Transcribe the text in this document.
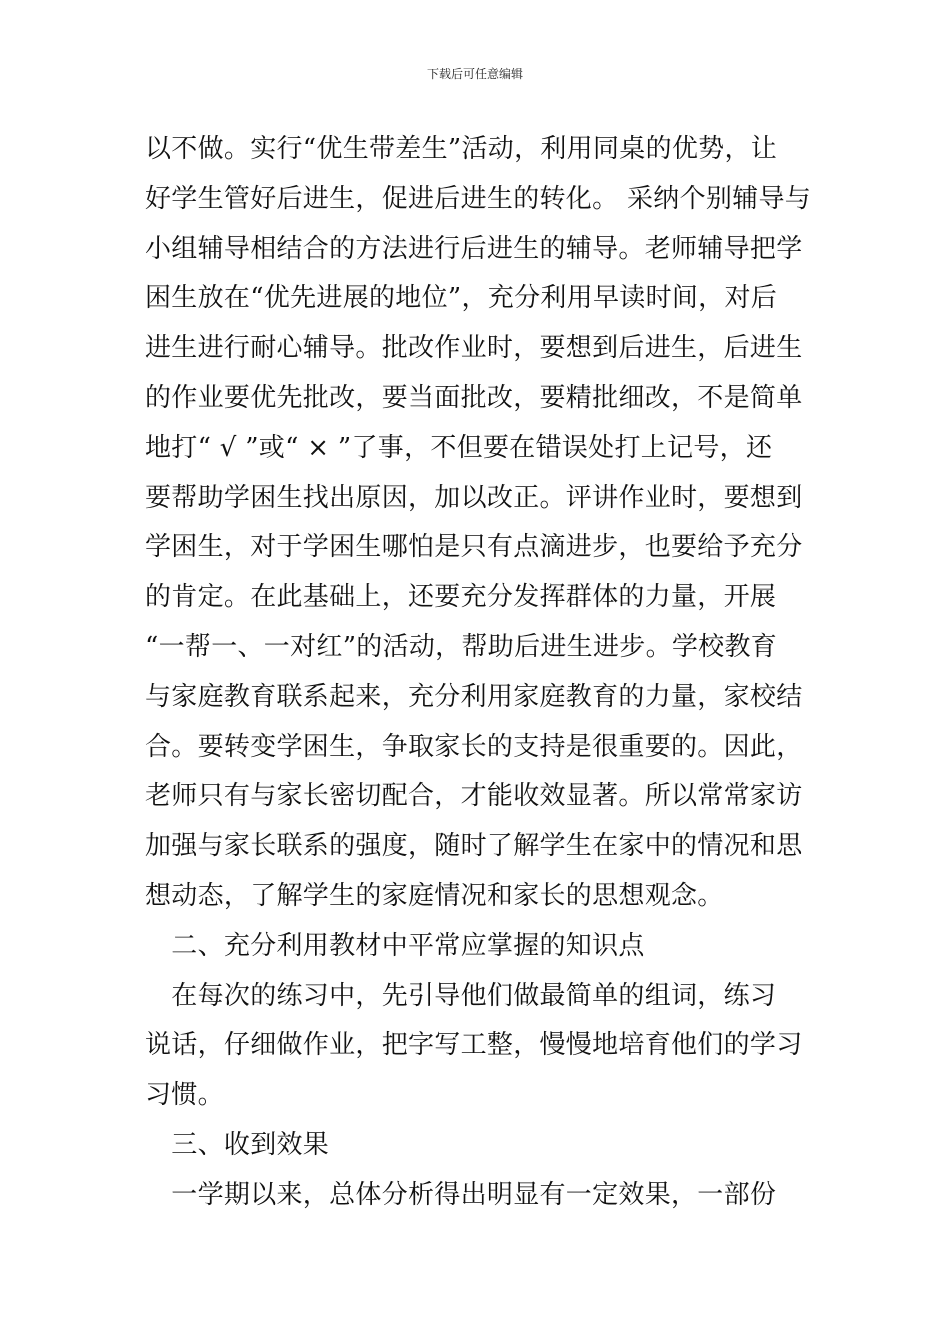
下载后可任意编辑
以不做。实行“优生带差生”活动，利用同桌的优势，让
好学生管好后进生，促进后进生的转化。 采纳个别辅导与
小组辅导相结合的方法进行后进生的辅导。老师辅导把学
困生放在“优先进展的地位”，充分利用早读时间，对后
进生进行耐心辅导。批改作业时，要想到后进生，后进生
的作业要优先批改，要当面批改，要精批细改，不是简单
地打“ √ ”或“ × ”了事，不但要在错误处打上记号，还
要帮助学困生找出原因，加以改正。评讲作业时，要想到
学困生，对于学困生哪怕是只有点滴进步，也要给予充分
的肯定。在此基础上，还要充分发挥群体的力量，开展
“一帮一、一对红”的活动，帮助后进生进步。学校教育
与家庭教育联系起来，充分利用家庭教育的力量，家校结
合。要转变学困生，争取家长的支持是很重要的。因此，
老师只有与家长密切配合，才能收效显著。所以常常家访
加强与家长联系的强度，随时了解学生在家中的情况和思
想动态，了解学生的家庭情况和家长的思想观念。
　二、充分利用教材中平常应掌握的知识点
　在每次的练习中，先引导他们做最简单的组词，练习
说话，仔细做作业，把字写工整，慢慢地培育他们的学习
习惯。
　三、收到效果
　一学期以来，总体分析得出明显有一定效果，一部份
